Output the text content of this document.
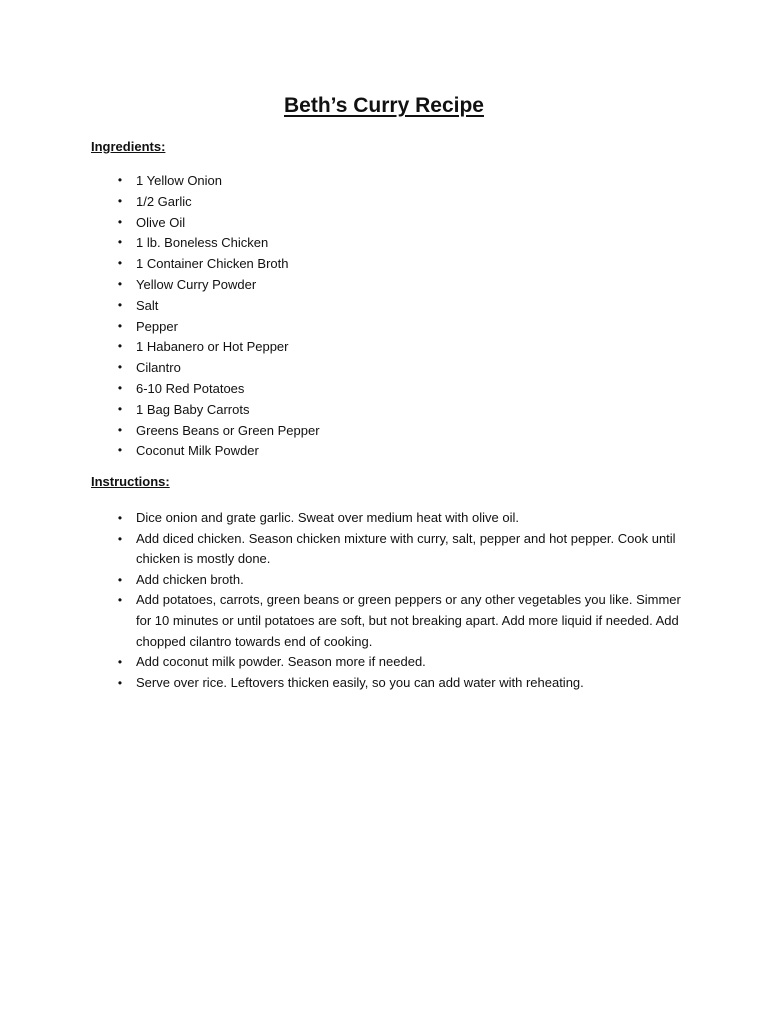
Beth’s Curry Recipe
Ingredients:
• 1 Yellow Onion
• 1/2 Garlic
• Olive Oil
• 1 lb. Boneless Chicken
• 1 Container Chicken Broth
• Yellow Curry Powder
• Salt
• Pepper
• 1 Habanero or Hot Pepper
• Cilantro
• 6-10 Red Potatoes
• 1 Bag Baby Carrots
• Greens Beans or Green Pepper
• Coconut Milk Powder
Instructions:
• Dice onion and grate garlic. Sweat over medium heat with olive oil.
• Add diced chicken. Season chicken mixture with curry, salt, pepper and hot pepper. Cook until chicken is mostly done.
• Add chicken broth.
• Add potatoes, carrots, green beans or green peppers or any other vegetables you like. Simmer for 10 minutes or until potatoes are soft, but not breaking apart. Add more liquid if needed. Add chopped cilantro towards end of cooking.
• Add coconut milk powder. Season more if needed.
• Serve over rice. Leftovers thicken easily, so you can add water with reheating.
